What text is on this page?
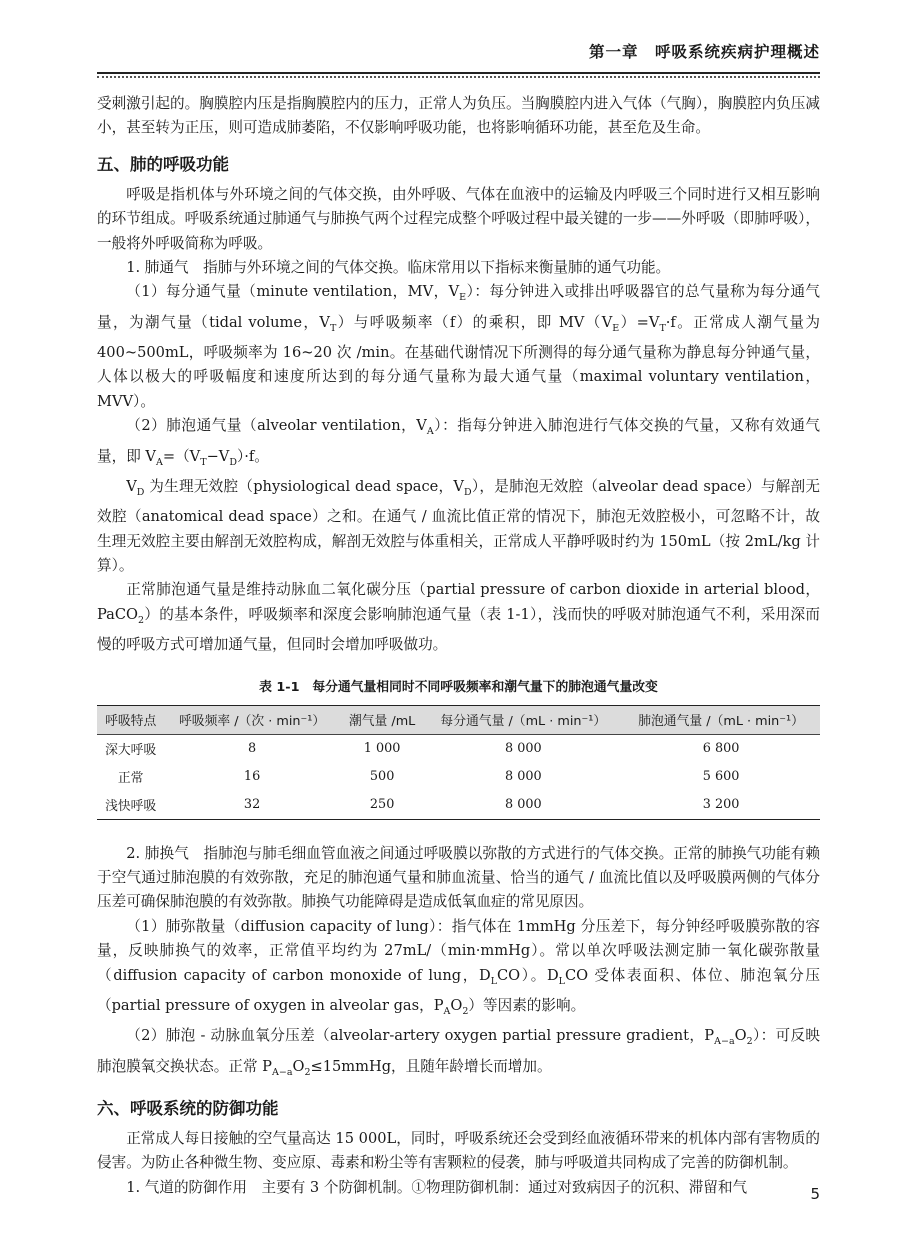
第一章　呼吸系统疾病护理概述

受刺激引起的。胸膜腔内压是指胸膜腔内的压力，正常人为负压。当胸膜腔内进入气体（气胸），胸膜腔内负压减小，甚至转为正压，则可造成肺萎陷，不仅影响呼吸功能，也将影响循环功能，甚至危及生命。

五、肺的呼吸功能

呼吸是指机体与外环境之间的气体交换，由外呼吸、气体在血液中的运输及内呼吸三个同时进行又相互影响的环节组成。呼吸系统通过肺通气与肺换气两个过程完成整个呼吸过程中最关键的一步——外呼吸（即肺呼吸），一般将外呼吸简称为呼吸。

1. 肺通气　指肺与外环境之间的气体交换。临床常用以下指标来衡量肺的通气功能。

（1）每分通气量（minute ventilation，MV，$V_E$）：每分钟进入或排出呼吸器官的总气量称为每分通气量，为潮气量（tidal volume，$V_T$）与呼吸频率（f）的乘积，即 $MV(V_E)=V_T\cdot f$。正常成人潮气量为 400~500mL，呼吸频率为 16~20 次 /min。在基础代谢情况下所测得的每分通气量称为静息每分钟通气量，人体以极大的呼吸幅度和速度所达到的每分通气量称为最大通气量（maximal voluntary ventilation，MVV）。

（2）肺泡通气量（alveolar ventilation，$V_A$）：指每分钟进入肺泡进行气体交换的气量，又称有效通气量，即 $V_A=(V_T-V_D)\cdot f$。

$V_D$ 为生理无效腔（physiological dead space，$V_D$），是肺泡无效腔（alveolar dead space）与解剖无效腔（anatomical dead space）之和。在通气 / 血流比值正常的情况下，肺泡无效腔极小，可忽略不计，故生理无效腔主要由解剖无效腔构成，解剖无效腔与体重相关，正常成人平静呼吸时约为 150mL（按 2mL/kg 计算）。

正常肺泡通气量是维持动脉血二氧化碳分压（partial pressure of carbon dioxide in arterial blood，PaCO$_2$）的基本条件，呼吸频率和深度会影响肺泡通气量（表 1-1），浅而快的呼吸对肺泡通气不利，采用深而慢的呼吸方式可增加通气量，但同时会增加呼吸做功。

表 1-1　每分通气量相同时不同呼吸频率和潮气量下的肺泡通气量改变
呼吸特点	呼吸频率 /（次 · min⁻¹）	潮气量 /mL	每分通气量 /（mL · min⁻¹）	肺泡通气量 /（mL · min⁻¹）
深大呼吸	8	1 000	8 000	6 800
正常	16	500	8 000	5 600
浅快呼吸	32	250	8 000	3 200

2. 肺换气　指肺泡与肺毛细血管血液之间通过呼吸膜以弥散的方式进行的气体交换。正常的肺换气功能有赖于空气通过肺泡膜的有效弥散，充足的肺泡通气量和肺血流量、恰当的通气 / 血流比值以及呼吸膜两侧的气体分压差可确保肺泡膜的有效弥散。肺换气功能障碍是造成低氧血症的常见原因。

（1）肺弥散量（diffusion capacity of lung）：指气体在 1mmHg 分压差下，每分钟经呼吸膜弥散的容量，反映肺换气的效率，正常值平均约为 27mL/（min·mmHg）。常以单次呼吸法测定肺一氧化碳弥散量（diffusion capacity of carbon monoxide of lung，$D_LCO$）。$D_LCO$ 受体表面积、体位、肺泡氧分压（partial pressure of oxygen in alveolar gas，$P_AO_2$）等因素的影响。

（2）肺泡 - 动脉血氧分压差（alveolar-artery oxygen partial pressure gradient，$P_{A-a}O_2$）：可反映肺泡膜氧交换状态。正常 $P_{A-a}O_2\le 15mmHg$，且随年龄增长而增加。

六、呼吸系统的防御功能

正常成人每日接触的空气量高达 15 000L，同时，呼吸系统还会受到经血液循环带来的机体内部有害物质的侵害。为防止各种微生物、变应原、毒素和粉尘等有害颗粒的侵袭，肺与呼吸道共同构成了完善的防御机制。

1. 气道的防御作用　主要有 3 个防御机制。①物理防御机制：通过对致病因子的沉积、滞留和气	5
